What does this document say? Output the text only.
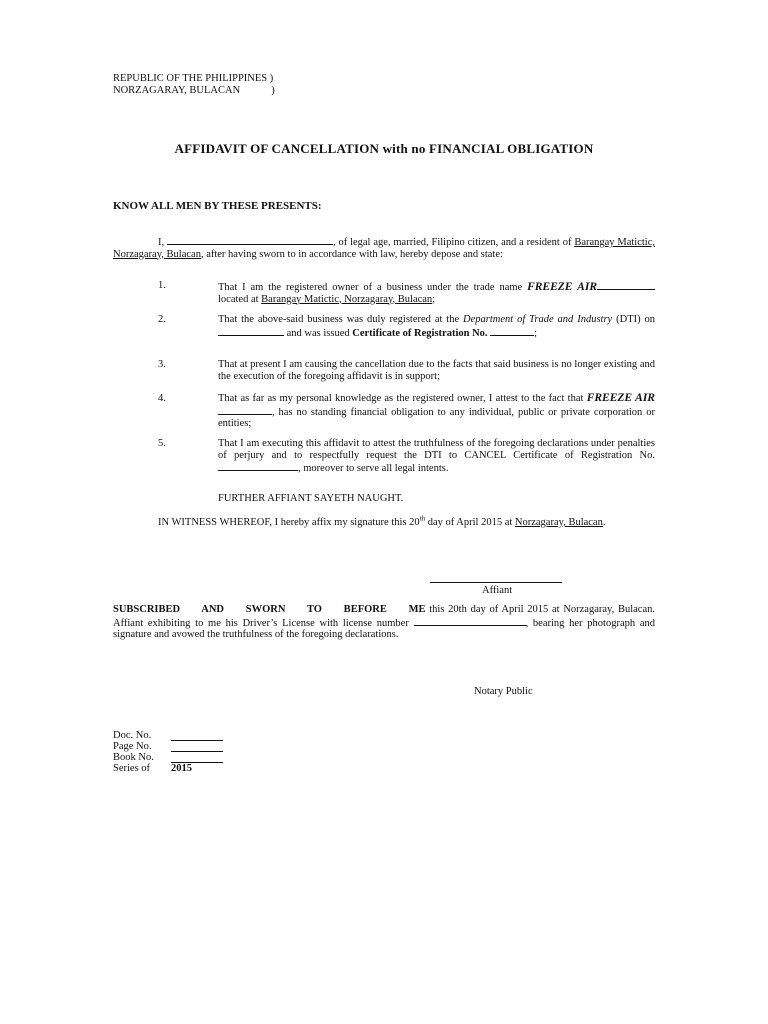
REPUBLIC OF THE PHILIPPINES )
NORZAGARAY, BULACAN	)
AFFIDAVIT OF CANCELLATION with no FINANCIAL OBLIGATION
KNOW ALL MEN BY THESE PRESENTS:
I,	, of legal age, married, Filipino citizen, and a resident of Barangay Matictic, Norzagaray, Bulacan, after having sworn to in accordance with law, hereby depose and state:
1.	That I am the registered owner of a business under the trade name FREEZE AIR located at Barangay Matictic, Norzagaray, Bulacan;
2.	That the above-said business was duly registered at the Department of Trade and Industry (DTI) on  and was issued Certificate of Registration No.	;
3.	That at present I am causing the cancellation due to the facts that said business is no longer existing and the execution of the foregoing affidavit is in support;
4.	That as far as my personal knowledge as the registered owner, I attest to the fact that FREEZE AIR , has no standing financial obligation to any individual, public or private corporation or entities;
5.	That I am executing this affidavit to attest the truthfulness of the foregoing declarations under penalties of perjury and to respectfully request the DTI to CANCEL Certificate of Registration No. , moreover to serve all legal intents.
FURTHER AFFIANT SAYETH NAUGHT.
IN WITNESS WHEREOF, I hereby affix my signature this 20th day of April 2015 at Norzagaray, Bulacan.
Affiant
SUBSCRIBED AND SWORN TO BEFORE ME this 20th day of April 2015 at Norzagaray, Bulacan. Affiant exhibiting to me his Driver’s License with license number	, bearing her photograph and signature and avowed the truthfulness of the foregoing declarations.
Notary Public
Doc. No.
Page No.
Book No.
Series of 2015
